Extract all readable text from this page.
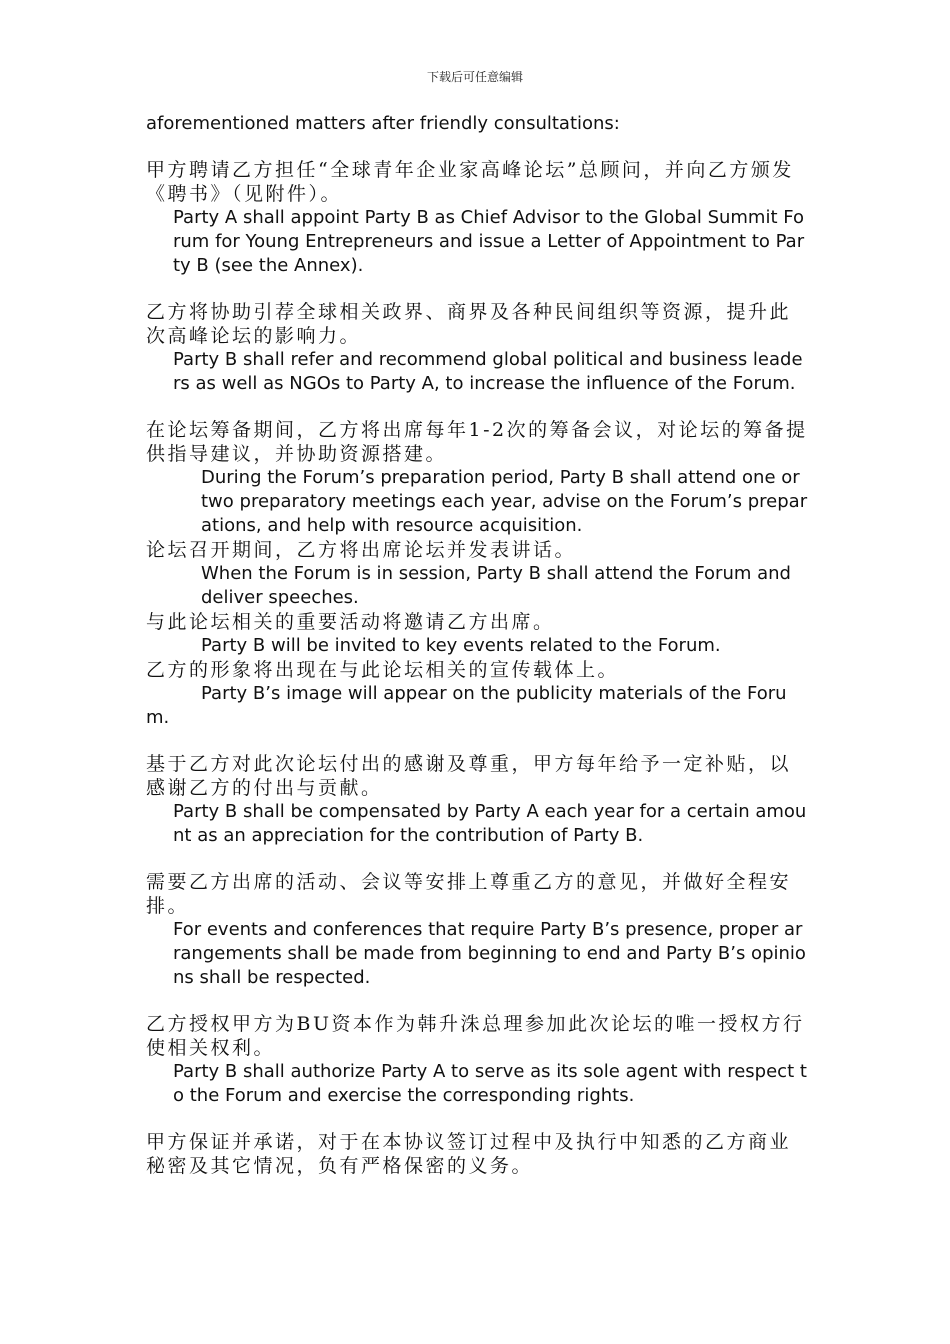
下载后可任意编辑
aforementioned matters after friendly consultations:
甲方聘请乙方担任“全球青年企业家高峰论坛”总顾问，并向乙方颁发《聘书》（见附件）。
Party A shall appoint Party B as Chief Advisor to the Global Summit Forum for Young Entrepreneurs and issue a Letter of Appointment to Party B (see the Annex).
乙方将协助引荐全球相关政界、商界及各种民间组织等资源，提升此次高峰论坛的影响力。
Party B shall refer and recommend global political and business leaders as well as NGOs to Party A, to increase the influence of the Forum.
在论坛筹备期间，乙方将出席每年1-2次的筹备会议，对论坛的筹备提供指导建议，并协助资源搭建。
During the Forum’s preparation period, Party B shall attend one or two preparatory meetings each year, advise on the Forum’s preparations, and help with resource acquisition.
论坛召开期间，乙方将出席论坛并发表讲话。
When the Forum is in session, Party B shall attend the Forum and deliver speeches.
与此论坛相关的重要活动将邀请乙方出席。
Party B will be invited to key events related to the Forum.
乙方的形象将出现在与此论坛相关的宣传载体上。
Party B’s image will appear on the publicity materials of the Forum.
基于乙方对此次论坛付出的感谢及尊重，甲方每年给予一定补贴，以感谢乙方的付出与贡献。
Party B shall be compensated by Party A each year for a certain amount as an appreciation for the contribution of Party B.
需要乙方出席的活动、会议等安排上尊重乙方的意见，并做好全程安排。
For events and conferences that require Party B’s presence, proper arrangements shall be made from beginning to end and Party B’s opinions shall be respected.
乙方授权甲方为BU资本作为韩升洙总理参加此次论坛的唯一授权方行使相关权利。
Party B shall authorize Party A to serve as its sole agent with respect to the Forum and exercise the corresponding rights.
甲方保证并承诺，对于在本协议签订过程中及执行中知悉的乙方商业秘密及其它情况，负有严格保密的义务。
